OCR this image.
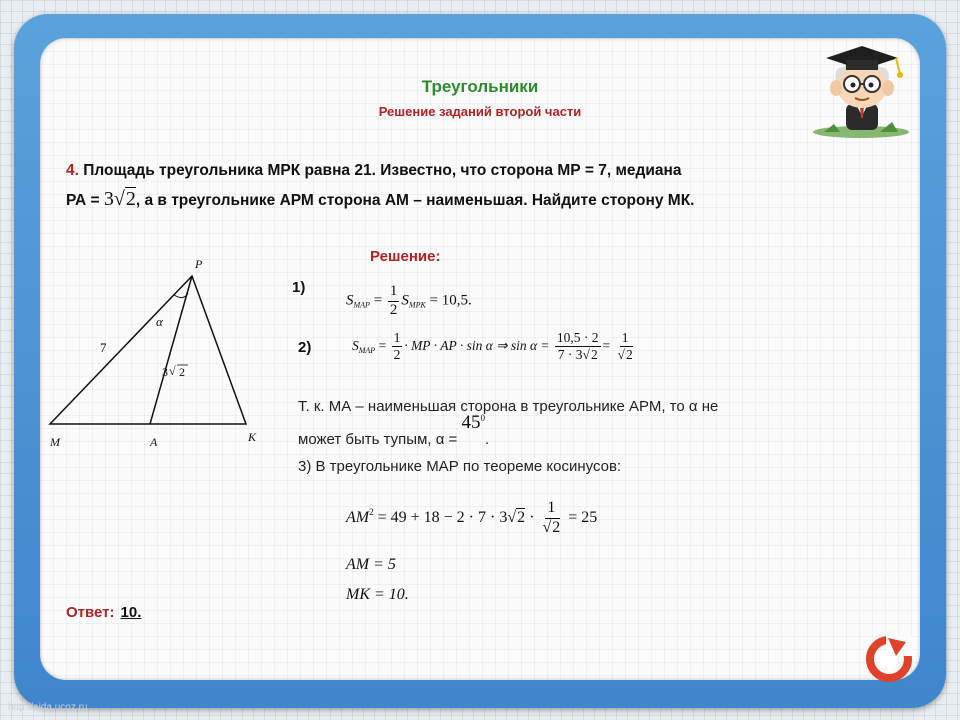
Треугольники
Решение заданий второй части
4. Площадь треугольника МРК равна 21. Известно, что сторона МР = 7, медиана
РА = 3√2, а в треугольнике АРМ сторона АМ – наименьшая. Найдите сторону МК.
P
M	A	K
7
α
3 √ 2
Решение:
1)
$S_{MAP} = \frac{1}{2} S_{MPK} = 10,5$.
2)	$S_{MAP} = \frac{1}{2}$ · MP · AP · sin α ⇒ $\sin \alpha = \frac{10,5 \cdot 2}{7 \cdot 3√2} = \frac{1}{√2}$
Т. к. МА – наименьшая сторона в треугольнике АРМ, то α не
может быть тупым, $\alpha = 45^0$.
3) В треугольнике МАР по теореме косинусов:
$AM^2 = 49 + 18 - 2 \cdot 7 \cdot 3√2 \cdot \frac{1}{√2} = 25$
AM = 5
MK = 10.
Ответ: 10.
http://aida.ucoz.ru
